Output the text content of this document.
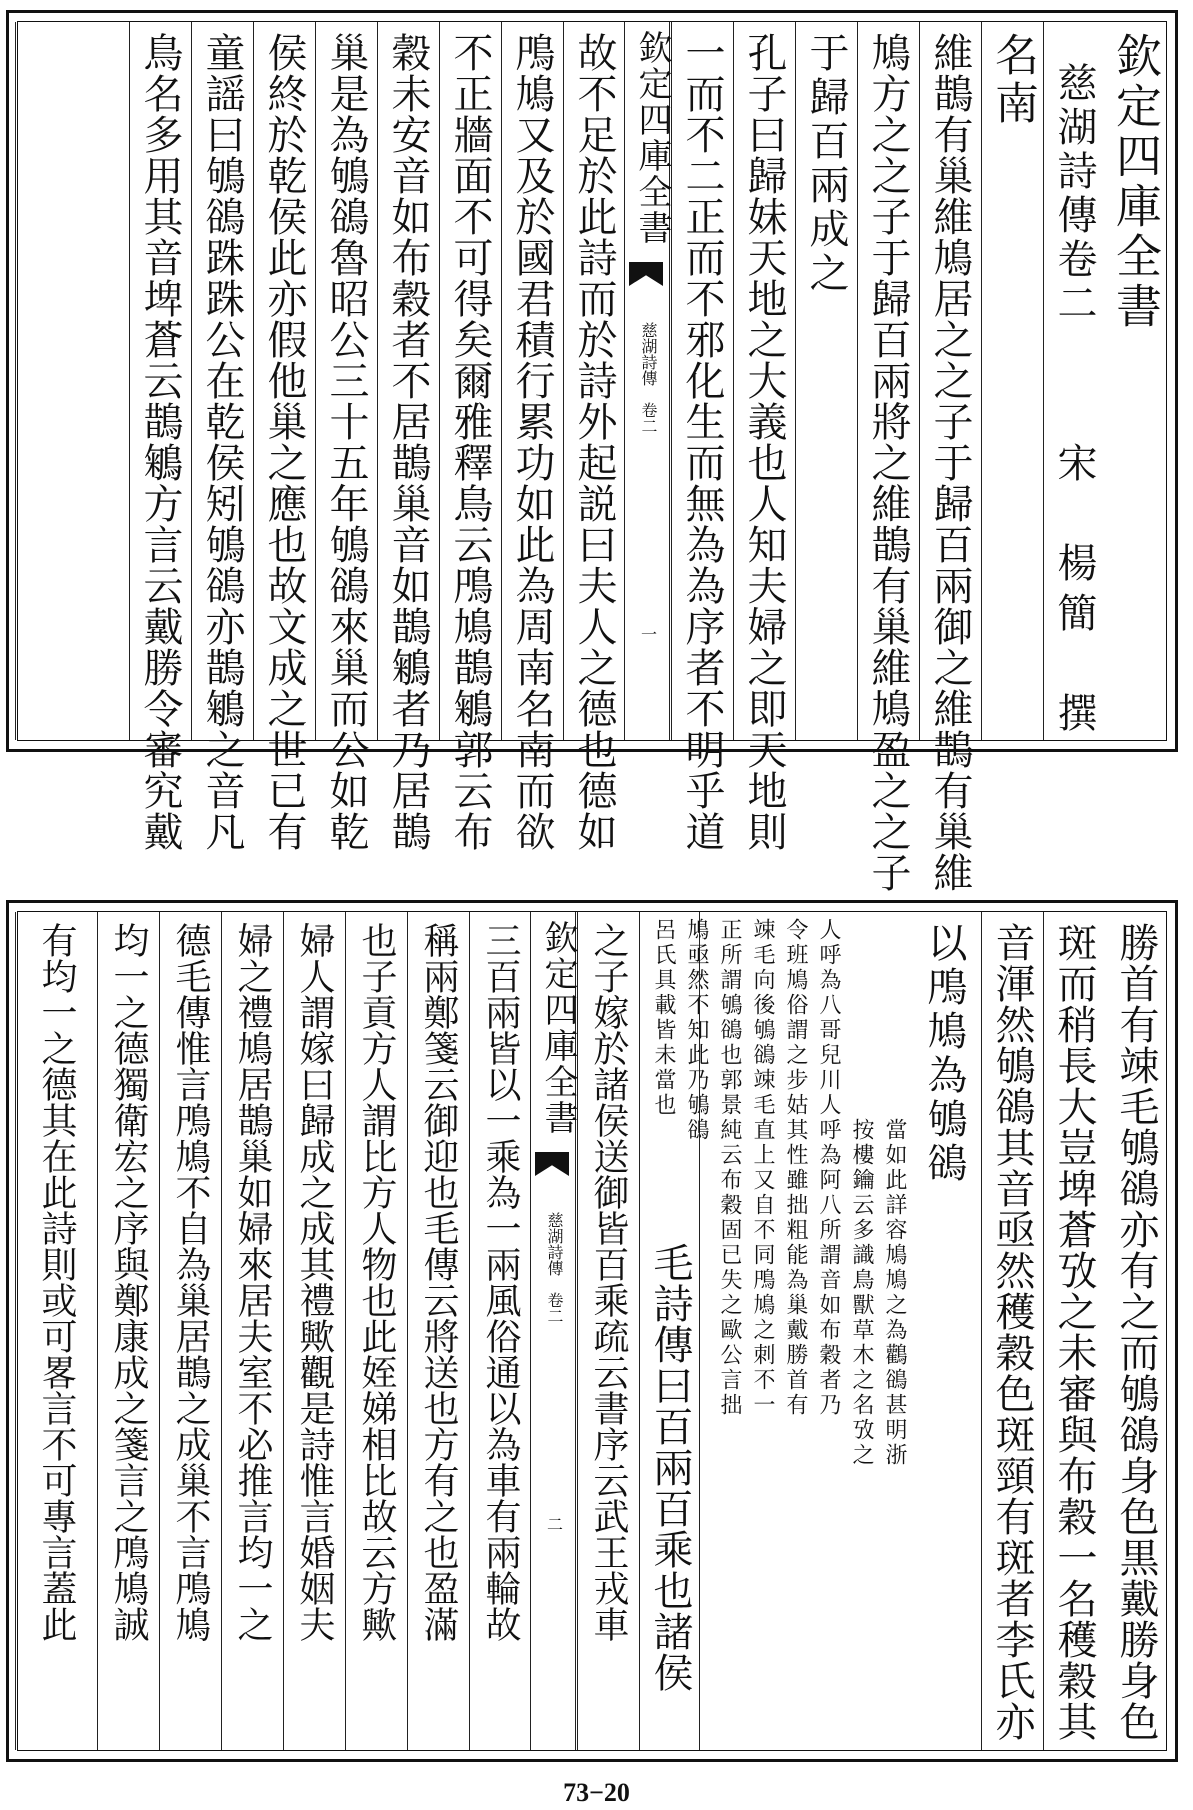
欽定四庫全書
慈湖詩傳卷二
宋　楊簡　撰
名南
維鵲有巢維鳩居之之子于歸百兩御之維鵲有巢維
鳩方之之子于歸百兩將之維鵲有巢維鳩盈之之子
于歸百兩成之
孔子曰歸妹天地之大義也人知夫婦之即天地則
一而不二正而不邪化生而無為為序者不明乎道
欽定四庫全書
慈湖詩傳　卷二
一
故不足於此詩而於詩外起説曰夫人之德也德如
鳲鳩又及於國君積行累功如此為周南名南而欲
不正牆面不可得矣爾雅釋鳥云鳲鳩鵲鵴郭云布
穀未安音如布穀者不居鵲巢音如鵲鵴者乃居鵲
巢是為鴝鵒魯昭公三十五年鴝鵒來巢而公如乾
侯終於乾侯此亦假他巢之應也故文成之世已有
童謡曰鴝鵒跦跦公在乾侯矧鴝鵒亦鵲鵴之音凡
鳥名多用其音埤蒼云鵲鵴方言云戴勝令審究戴
勝首有竦毛鴝鵒亦有之而鴝鵒身色黒戴勝身色
斑而稍長大豈埤蒼攷之未審與布穀一名穫穀其
音渾然鴝鵒其音亟然穫穀色斑頸有斑者李氏亦
以鳲鳩為鴝鵒
當如此詳容鳩鳩之為鸛鵒甚明浙
按樓鑰云多識鳥獸草木之名攷之
人呼為八哥兒川人呼為阿八所謂音如布穀者乃
令班鳩俗謂之步姑其性雖拙粗能為巢戴勝首有
竦毛向後鴝鵒竦毛直上又自不同鳲鳩之刺不一
正所謂鴝鵒也郭景純云布穀固已失之歐公言拙
鳩亟然不知此乃鴝鵒
呂氏具載皆未當也
毛詩傳曰百兩百乘也諸侯
之子嫁於諸侯送御皆百乘疏云書序云武王戎車
欽定四庫全書
慈湖詩傳　卷二
二
三百兩皆以一乘為一兩風俗通以為車有兩輪故
稱兩鄭箋云御迎也毛傳云將送也方有之也盈滿
也子貢方人謂比方人物也此姪娣相比故云方歟
婦人謂嫁曰歸成之成其禮歟觀是詩惟言婚姻夫
婦之禮鳩居鵲巢如婦來居夫室不必推言均一之
德毛傳惟言鳲鳩不自為巢居鵲之成巢不言鳲鳩
均一之德獨衛宏之序與鄭康成之箋言之鳲鳩誠
有均一之德其在此詩則或可畧言不可專言蓋此
73−20
